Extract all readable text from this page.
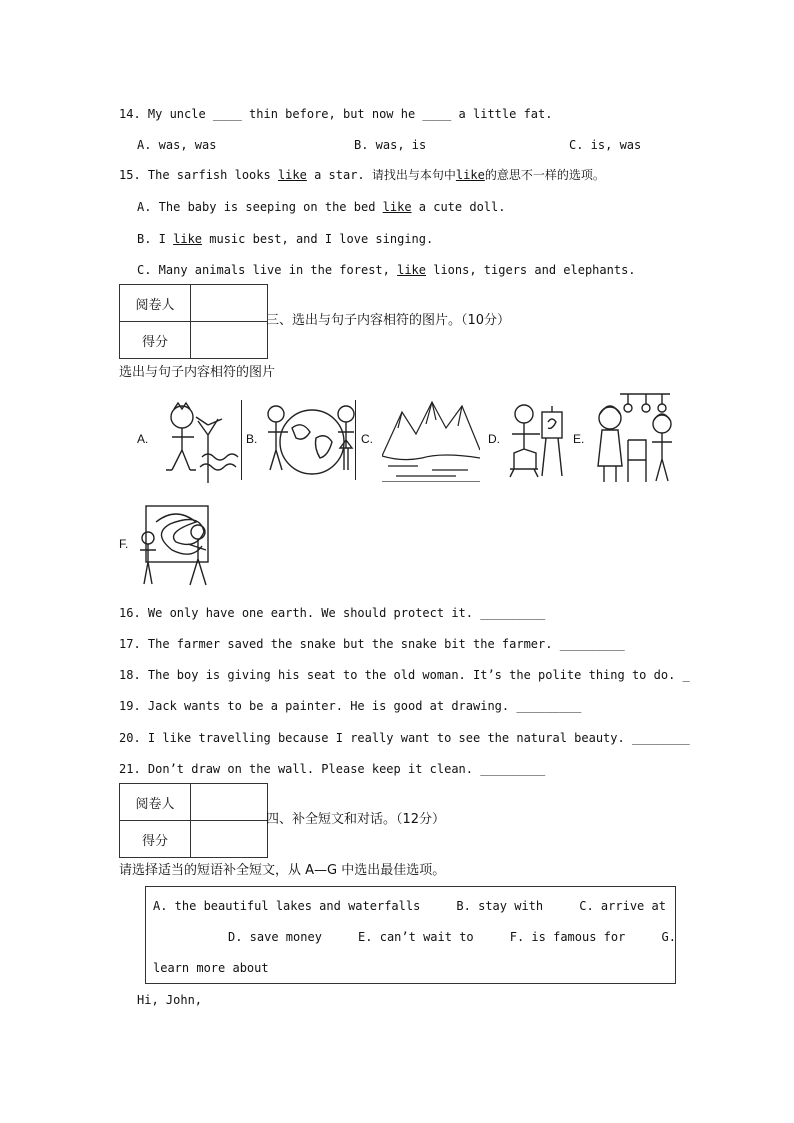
14. My uncle ____ thin before, but now he ____ a little fat.
A. was, was	B. was, is	C. is, was
15. The sarfish looks like a star. 请找出与本句中like的意思不一样的选项。
A. The baby is seeping on the bed like a cute doll.
B. I like music best, and I love singing.
C. Many animals live in the forest, like lions, tigers and elephants.
阅卷人	
得分	
三、选出与句子内容相符的图片。（10分）
选出与句子内容相符的图片
A.	B.	C.	D.	E.
F.
16. We only have one earth. We should protect it. _________
17. The farmer saved the snake but the snake bit the farmer. _________
18. The boy is giving his seat to the old woman. It’s the polite thing to do. _
19. Jack wants to be a painter. He is good at drawing. _________
20. I like travelling because I really want to see the natural beauty. ________
21. Don’t draw on the wall. Please keep it clean. _________
阅卷人	
得分	
四、补全短文和对话。（12分）
请选择适当的短语补全短文，从 A—G 中选出最佳选项。
A. the beautiful lakes and waterfalls     B. stay with     C. arrive at
D. save money     E. can’t wait to     F. is famous for     G.
learn more about
Hi, John,
